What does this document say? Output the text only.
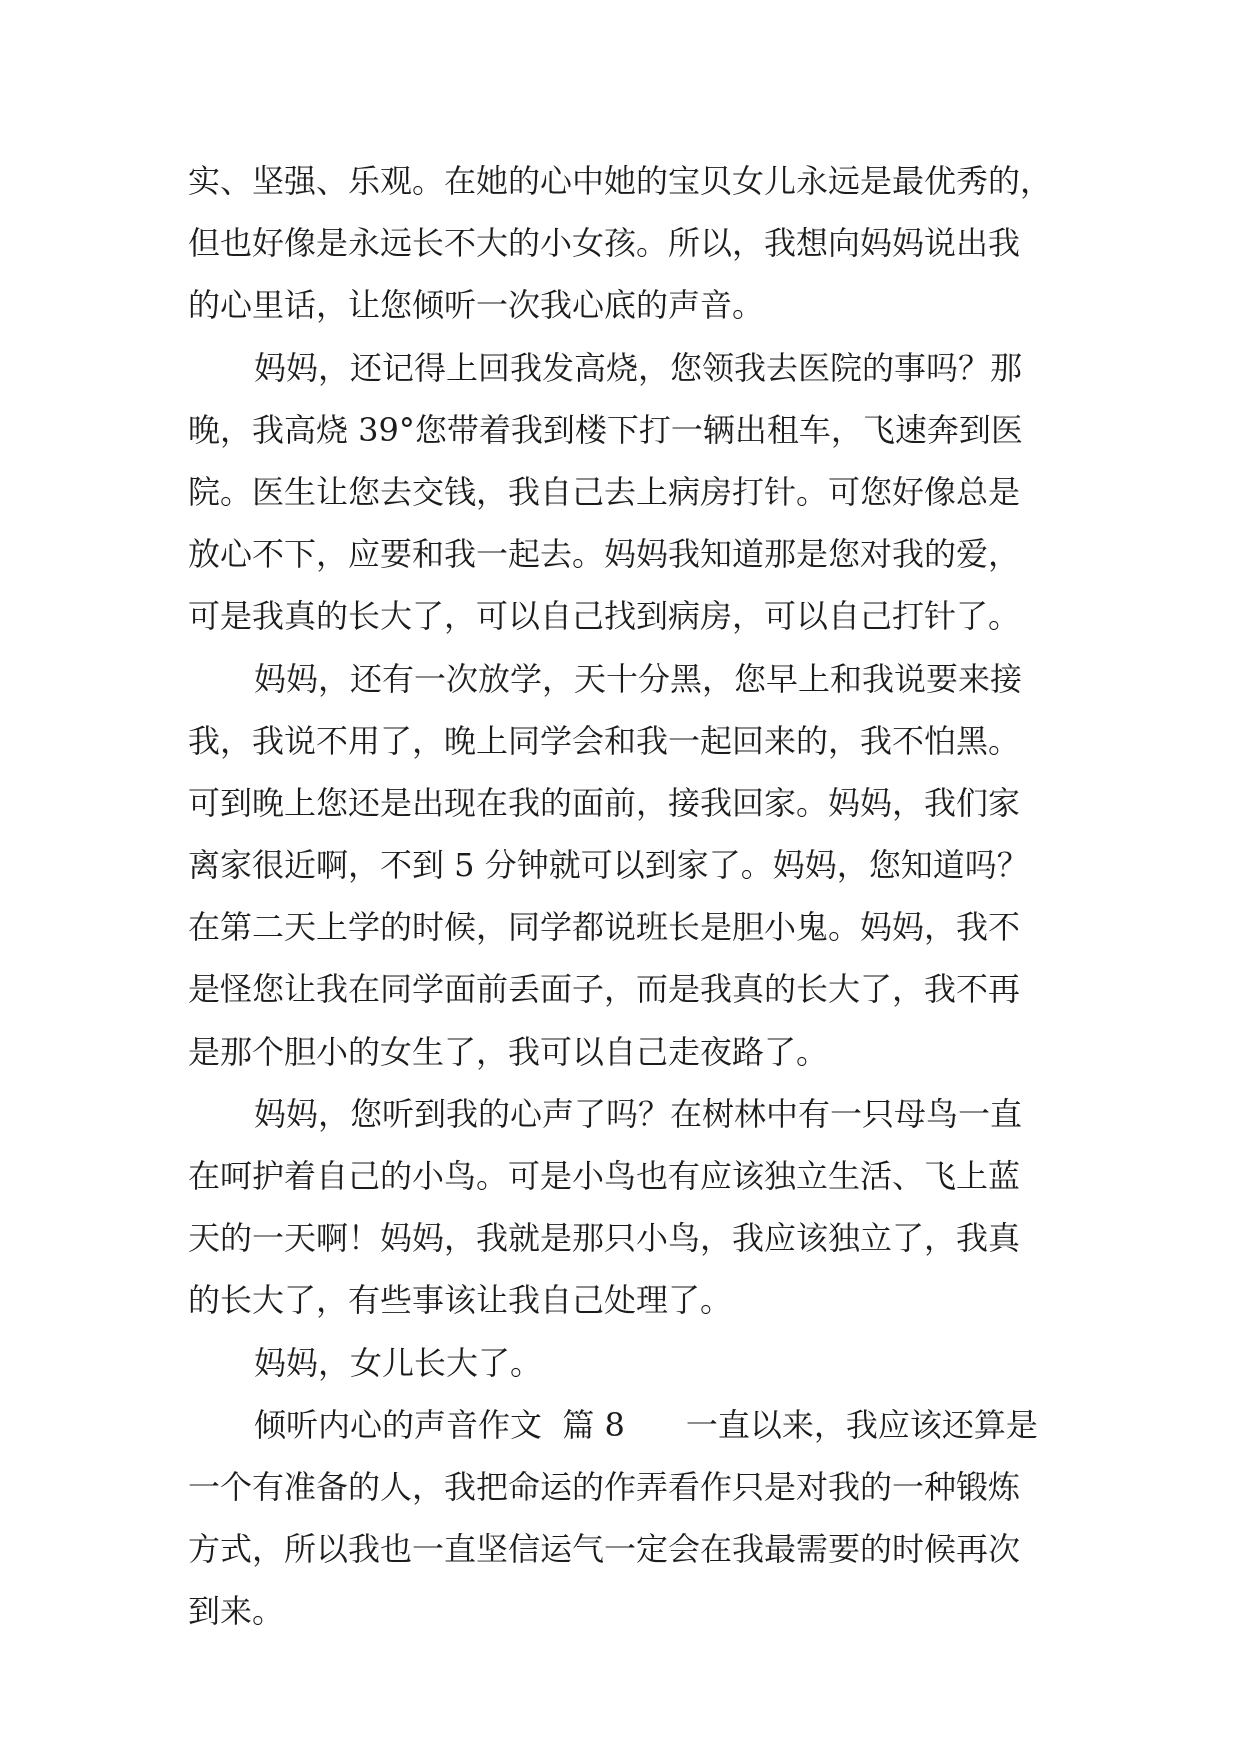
实、坚强、乐观。在她的心中她的宝贝女儿永远是最优秀的，
但也好像是永远长不大的小女孩。所以，我想向妈妈说出我
的心里话，让您倾听一次我心底的声音。
妈妈，还记得上回我发高烧，您领我去医院的事吗？那
晚，我高烧 39°您带着我到楼下打一辆出租车，飞速奔到医
院。医生让您去交钱，我自己去上病房打针。可您好像总是
放心不下，应要和我一起去。妈妈我知道那是您对我的爱，
可是我真的长大了，可以自己找到病房，可以自己打针了。
妈妈，还有一次放学，天十分黑，您早上和我说要来接
我，我说不用了，晚上同学会和我一起回来的，我不怕黑。
可到晚上您还是出现在我的面前，接我回家。妈妈，我们家
离家很近啊，不到 5 分钟就可以到家了。妈妈，您知道吗？
在第二天上学的时候，同学都说班长是胆小鬼。妈妈，我不
是怪您让我在同学面前丢面子，而是我真的长大了，我不再
是那个胆小的女生了，我可以自己走夜路了。
妈妈，您听到我的心声了吗？在树林中有一只母鸟一直
在呵护着自己的小鸟。可是小鸟也有应该独立生活、飞上蓝
天的一天啊！妈妈，我就是那只小鸟，我应该独立了，我真
的长大了，有些事该让我自己处理了。
妈妈，女儿长大了。
倾听内心的声音作文  篇 8      一直以来，我应该还算是
一个有准备的人，我把命运的作弄看作只是对我的一种锻炼
方式，所以我也一直坚信运气一定会在我最需要的时候再次
到来。
